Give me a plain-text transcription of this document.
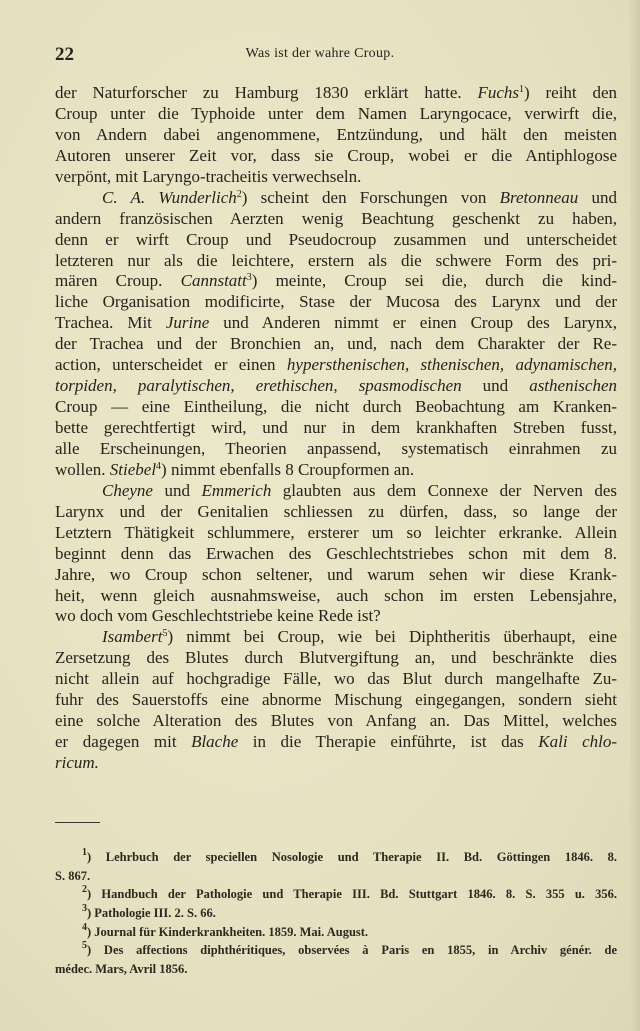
22	Was ist der wahre Croup.
der Naturforscher zu Hamburg 1830 erklärt hatte. Fuchs$^1$) reiht den
Croup unter die Typhoide unter dem Namen Laryngocace, verwirft die,
von Andern dabei angenommene, Entzündung, und hält den meisten
Autoren unserer Zeit vor, dass sie Croup, wobei er die Antiphlogose
verpönt, mit Laryngo-tracheitis verwechseln.
C. A. Wunderlich$^2$) scheint den Forschungen von Bretonneau und
andern französischen Aerzten wenig Beachtung geschenkt zu haben,
denn er wirft Croup und Pseudocroup zusammen und unterscheidet
letzteren nur als die leichtere, erstern als die schwere Form des pri-
mären Croup. Cannstatt$^3$) meinte, Croup sei die, durch die kind-
liche Organisation modificirte, Stase der Mucosa des Larynx und der
Trachea. Mit Jurine und Anderen nimmt er einen Croup des Larynx,
der Trachea und der Bronchien an, und, nach dem Charakter der Re-
action, unterscheidet er einen hypersthenischen, sthenischen, adynamischen,
torpiden, paralytischen, erethischen, spasmodischen und asthenischen
Croup — eine Eintheilung, die nicht durch Beobachtung am Kranken-
bette gerechtfertigt wird, und nur in dem krankhaften Streben fusst,
alle Erscheinungen, Theorien anpassend, systematisch einrahmen zu
wollen. Stiebel$^4$) nimmt ebenfalls 8 Croupformen an.
Cheyne und Emmerich glaubten aus dem Connexe der Nerven des
Larynx und der Genitalien schliessen zu dürfen, dass, so lange der
Letztern Thätigkeit schlummere, ersterer um so leichter erkranke. Allein
beginnt denn das Erwachen des Geschlechtstriebes schon mit dem 8.
Jahre, wo Croup schon seltener, und warum sehen wir diese Krank-
heit, wenn gleich ausnahmsweise, auch schon im ersten Lebensjahre,
wo doch vom Geschlechtstriebe keine Rede ist?
Isambert$^5$) nimmt bei Croup, wie bei Diphtheritis überhaupt, eine
Zersetzung des Blutes durch Blutvergiftung an, und beschränkte dies
nicht allein auf hochgradige Fälle, wo das Blut durch mangelhafte Zu-
fuhr des Sauerstoffs eine abnorme Mischung eingegangen, sondern sieht
eine solche Alteration des Blutes von Anfang an. Das Mittel, welches
er dagegen mit Blache in die Therapie einführte, ist das Kali chlo-
ricum.
$^1$) Lehrbuch der speciellen Nosologie und Therapie II. Bd. Göttingen 1846. 8.
S. 867.
$^2$) Handbuch der Pathologie und Therapie III. Bd. Stuttgart 1846. 8. S. 355 u. 356.
$^3$) Pathologie III. 2. S. 66.
$^4$) Journal für Kinderkrankheiten. 1859. Mai. August.
$^5$) Des affections diphthéritiques, observées à Paris en 1855, in Archiv génér. de
médec. Mars, Avril 1856.
